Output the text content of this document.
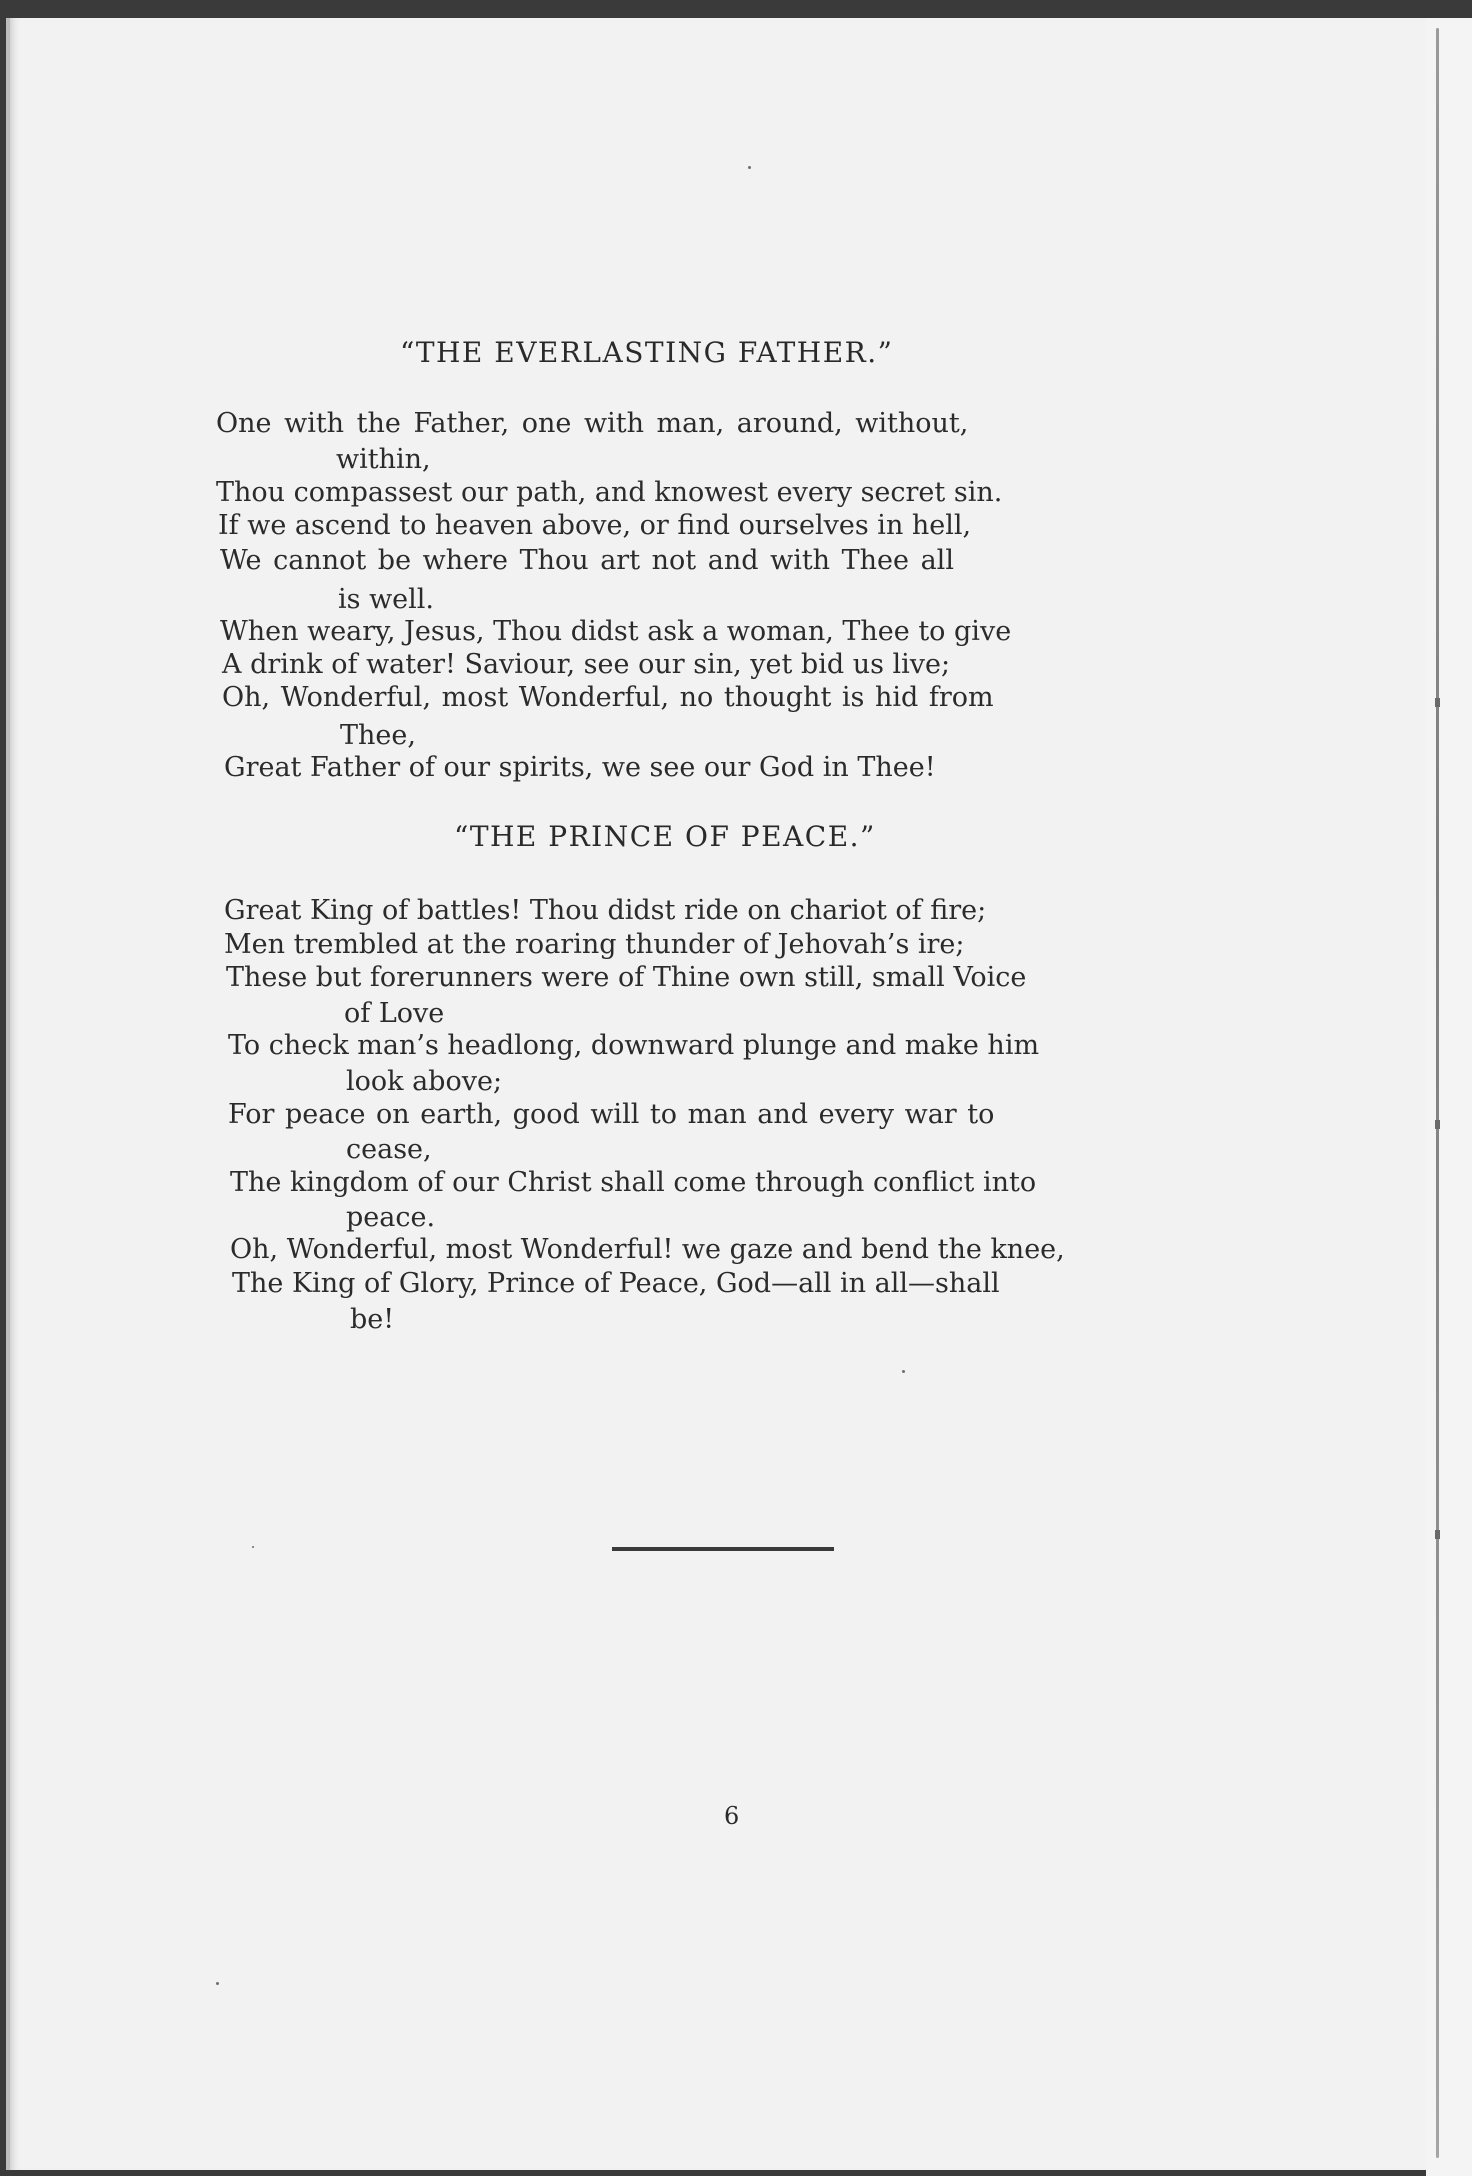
“THE EVERLASTING FATHER.”
One with the Father, one with man, around, without,
within,
Thou compassest our path, and knowest every secret sin.
If we ascend to heaven above, or find ourselves in hell,
We cannot be where Thou art not and with Thee all
is well.
When weary, Jesus, Thou didst ask a woman, Thee to give
A drink of water! Saviour, see our sin, yet bid us live;
Oh, Wonderful, most Wonderful, no thought is hid from
Thee,
Great Father of our spirits, we see our God in Thee!
“THE PRINCE OF PEACE.”
Great King of battles! Thou didst ride on chariot of fire;
Men trembled at the roaring thunder of Jehovah’s ire;
These but forerunners were of Thine own still, small Voice
of Love
To check man’s headlong, downward plunge and make him
look above;
For peace on earth, good will to man and every war to
cease,
The kingdom of our Christ shall come through conflict into
peace.
Oh, Wonderful, most Wonderful! we gaze and bend the knee,
The King of Glory, Prince of Peace, God—all in all—shall
be!
6
